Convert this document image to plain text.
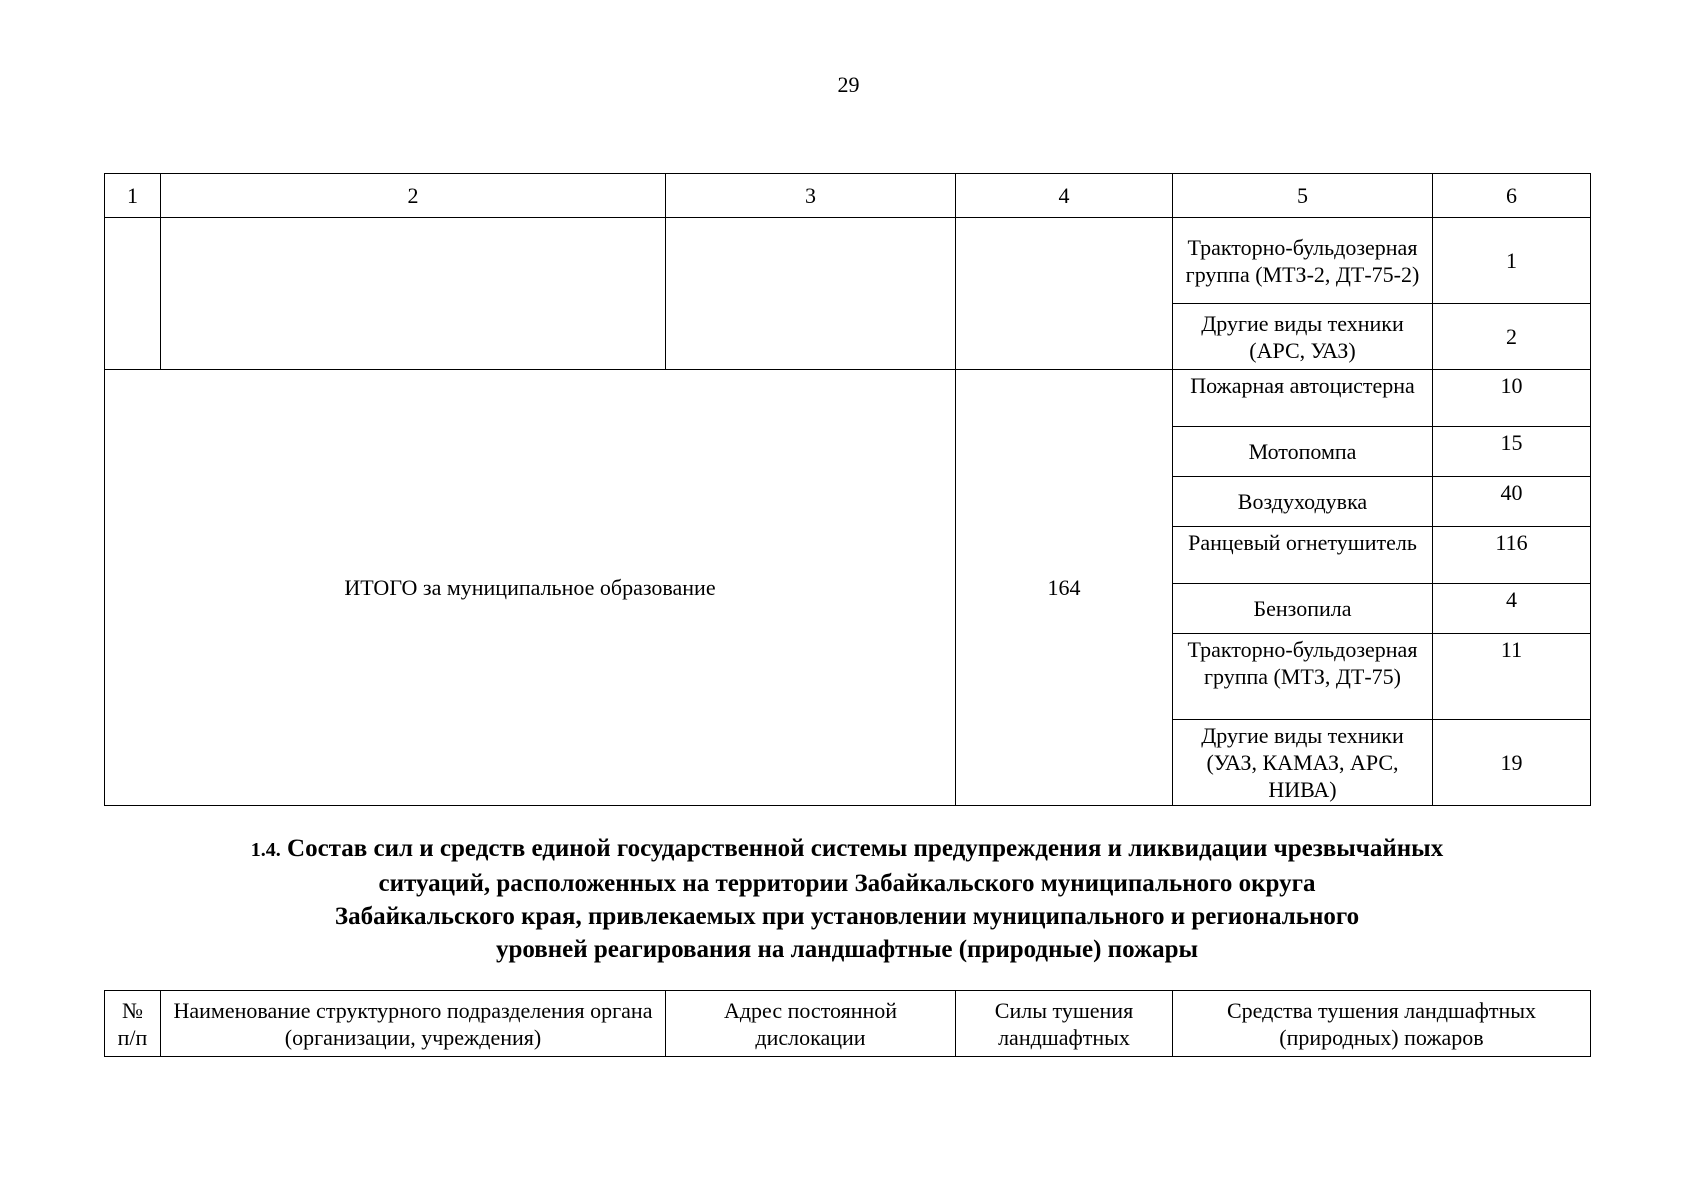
29
1	2	3	4	5	6
				Тракторно-бульдозерная группа (МТЗ-2, ДТ-75-2)	1
				Другие виды техники (АРС, УАЗ)	2
ИТОГО за муниципальное образование			164	Пожарная автоцистерна	10
				Мотопомпа	15
				Воздуходувка	40
				Ранцевый огнетушитель	116
				Бензопила	4
				Тракторно-бульдозерная группа (МТЗ, ДТ-75)	11
				Другие виды техники (УАЗ, КАМАЗ, АРС, НИВА)	19
1.4. Состав сил и средств единой государственной системы предупреждения и ликвидации чрезвычайных
ситуаций, расположенных на территории Забайкальского муниципального округа
Забайкальского края, привлекаемых при установлении муниципального и регионального
уровней реагирования на ландшафтные (природные) пожары
№ п/п	Наименование структурного подразделения органа (организации, учреждения)	Адрес постоянной дислокации	Силы тушения ландшафтных	Средства тушения ландшафтных (природных) пожаров
